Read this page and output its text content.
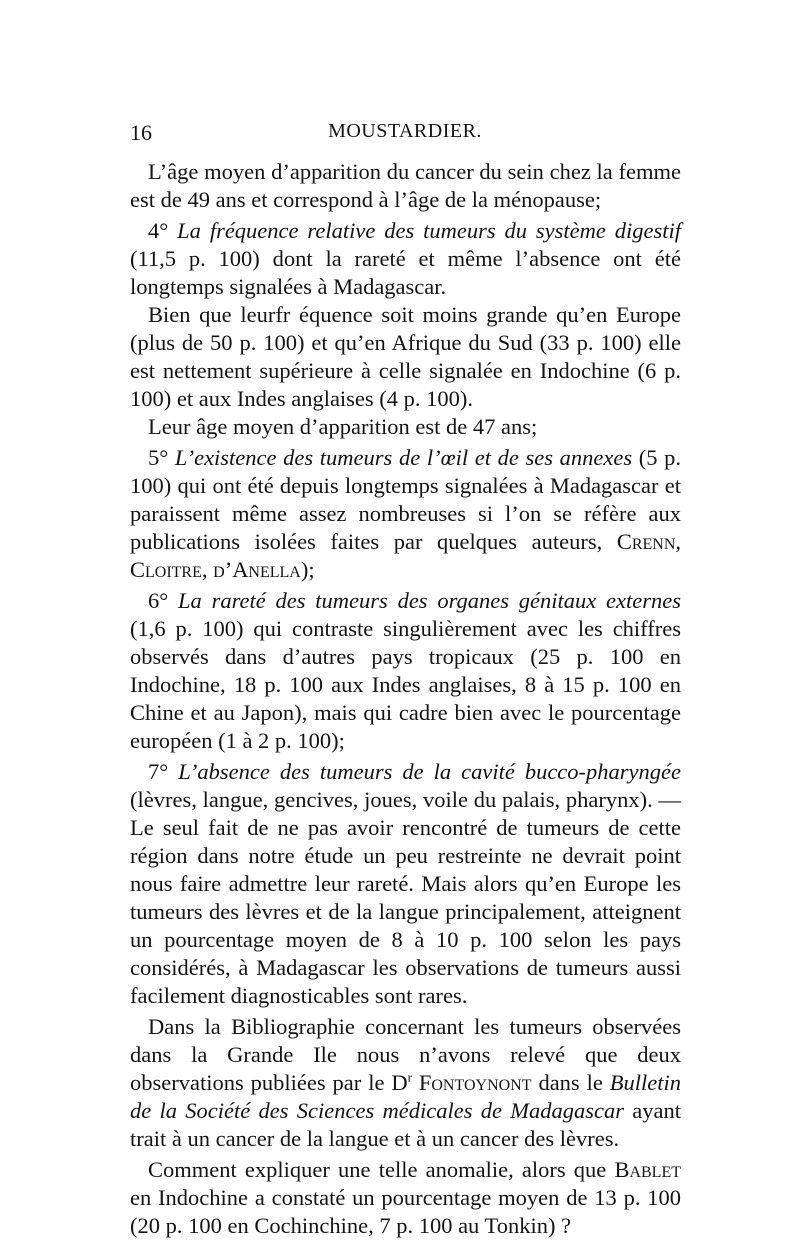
16	MOUSTARDIER.

L’âge moyen d’apparition du cancer du sein chez la femme est de 49 ans et correspond à l’âge de la ménopause;

4° La fréquence relative des tumeurs du système digestif (11,5 p. 100) dont la rareté et même l’absence ont été longtemps signalées à Madagascar.

Bien que leurfr équence soit moins grande qu’en Europe (plus de 50 p. 100) et qu’en Afrique du Sud (33 p. 100) elle est nettement supérieure à celle signalée en Indochine (6 p. 100) et aux Indes anglaises (4 p. 100).

Leur âge moyen d’apparition est de 47 ans;

5° L’existence des tumeurs de l’œil et de ses annexes (5 p. 100) qui ont été depuis longtemps signalées à Madagascar et paraissent même assez nombreuses si l’on se réfère aux publications isolées faites par quelques auteurs, Crenn, Cloitre, d’Anella);

6° La rareté des tumeurs des organes génitaux externes (1,6 p. 100) qui contraste singulièrement avec les chiffres observés dans d’autres pays tropicaux (25 p. 100 en Indochine, 18 p. 100 aux Indes anglaises, 8 à 15 p. 100 en Chine et au Japon), mais qui cadre bien avec le pourcentage européen (1 à 2 p. 100);

7° L’absence des tumeurs de la cavité bucco-pharyngée (lèvres, langue, gencives, joues, voile du palais, pharynx). — Le seul fait de ne pas avoir rencontré de tumeurs de cette région dans notre étude un peu restreinte ne devrait point nous faire admettre leur rareté. Mais alors qu’en Europe les tumeurs des lèvres et de la langue principalement, atteignent un pourcentage moyen de 8 à 10 p. 100 selon les pays considérés, à Madagascar les observations de tumeurs aussi facilement diagnosticables sont rares.

Dans la Bibliographie concernant les tumeurs observées dans la Grande Ile nous n’avons relevé que deux observations publiées par le $D^r$ Fontoynont dans le Bulletin de la Société des Sciences médicales de Madagascar ayant trait à un cancer de la langue et à un cancer des lèvres.

Comment expliquer une telle anomalie, alors que Bablet en Indochine a constaté un pourcentage moyen de 13 p. 100 (20 p. 100 en Cochinchine, 7 p. 100 au Tonkin) ?
